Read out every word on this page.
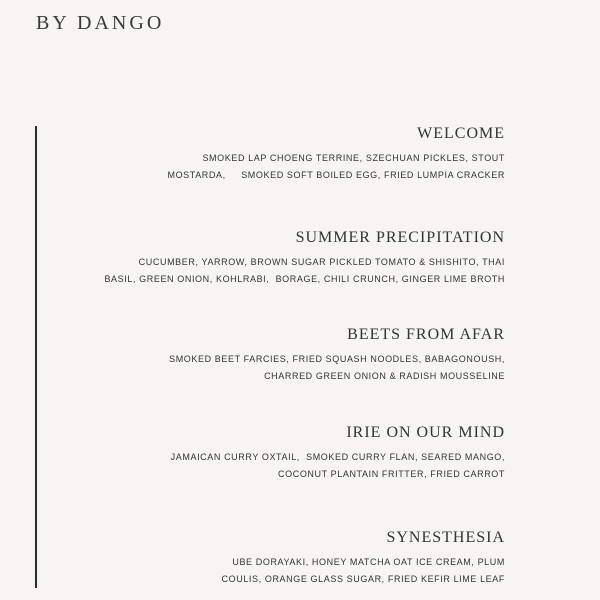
BY DANGO
WELCOME
SMOKED LAP CHOENG TERRINE, SZECHUAN PICKLES, STOUT
MOSTARDA,     SMOKED SOFT BOILED EGG, FRIED LUMPIA CRACKER
SUMMER PRECIPITATION
CUCUMBER, YARROW, BROWN SUGAR PICKLED TOMATO & SHISHITO, THAI
BASIL, GREEN ONION, KOHLRABI,  BORAGE, CHILI CRUNCH, GINGER LIME BROTH
BEETS FROM AFAR
SMOKED BEET FARCIES, FRIED SQUASH NOODLES, BABAGONOUSH,
CHARRED GREEN ONION & RADISH MOUSSELINE
IRIE ON OUR MIND
JAMAICAN CURRY OXTAIL,  SMOKED CURRY FLAN, SEARED MANGO,
COCONUT PLANTAIN FRITTER, FRIED CARROT
SYNESTHESIA
UBE DORAYAKI, HONEY MATCHA OAT ICE CREAM, PLUM
COULIS, ORANGE GLASS SUGAR, FRIED KEFIR LIME LEAF
